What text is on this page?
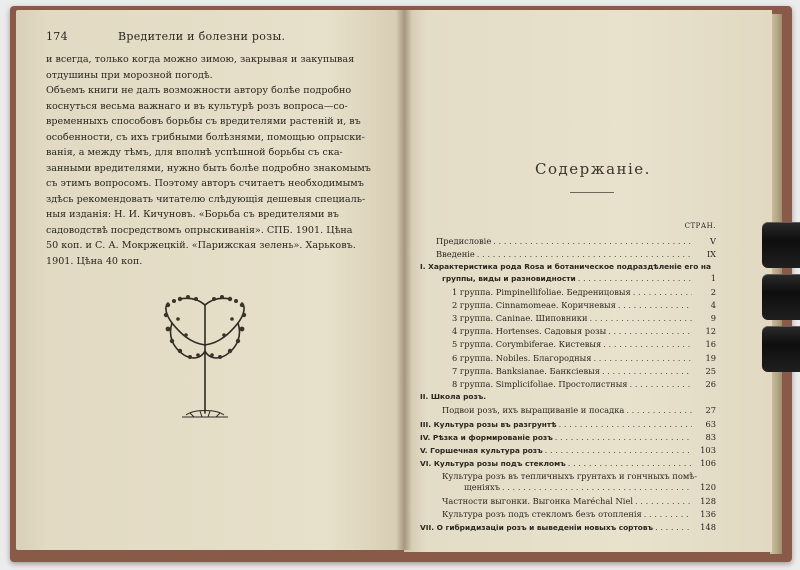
174	Вредители и болезни розы.
и всегда, только когда можно зимою, закрывая и закупывая
отдушины при морозной погодѣ.
Объемъ книги не далъ возможности автору болѣе подробно
коснуться весьма важнаго и въ культурѣ розъ вопроса—со-
временныхъ способовъ борьбы съ вредителями растеній и, въ
особенности, съ ихъ грибными болѣзнями, помощью опрыски-
ванія, а между тѣмъ, для вполнѣ успѣшной борьбы съ ска-
занными вредителями, нужно быть болѣе подробно знакомымъ
съ этимъ вопросомъ. Поэтому авторъ считаетъ необходимымъ
здѣсь рекомендовать читателю слѣдующія дешевыя специаль-
ныя изданія: Н. И. Кичуновъ. «Борьба съ вредителями въ
садоводствѣ посредствомъ опрыскиванія». СПБ. 1901. Цѣна
50 коп. и С. А. Мокржецкій. «Парижская зелень». Харьковъ.
1901. Цѣна 40 коп.
Содержаніе.
СТРАН.
Предисловіе . . .	V
Введеніе . . .	IX
I. Характеристика рода Rosa и ботаническое подраздѣленіе его на
группы, виды и разновидности . . .	1
1 группа. Pimpinellifoliae. Бедреницовыя . . .	2
2 группа. Cinnamomeae. Коричневыя . . .	4
3 группа. Caninae. Шиповники . . .	9
4 группа. Hortenses. Садовыя розы . . .	12
5 группа. Corymbiferae. Кистевыя . . .	16
6 группа. Nobiles. Благородныя . . .	19
7 группа. Banksianae. Банксіевыя . . .	25
8 группа. Simplicifoliae. Простолистныя . . .	26
II. Школа розъ.
Подвои розъ, ихъ выращиваніе и посадка . . .	27
III. Культура розы въ разгрунтѣ . . .	63
IV. Рѣзка и формированіе розъ . . .	83
V. Горшечная культура розъ . . .	103
VI. Культура розы подъ стекломъ . . .	106
Культура розъ въ тепличныхъ грунтахъ и гончныхъ помѣ-
щеніяхъ . . .	120
Частности выгонки. Выгонка Maréchal Niel . . .	128
Культура розъ подъ стекломъ безъ отопленія . . .	136
VII. О гибридизаціи розъ и выведеніи новыхъ сортовъ . . .	148
